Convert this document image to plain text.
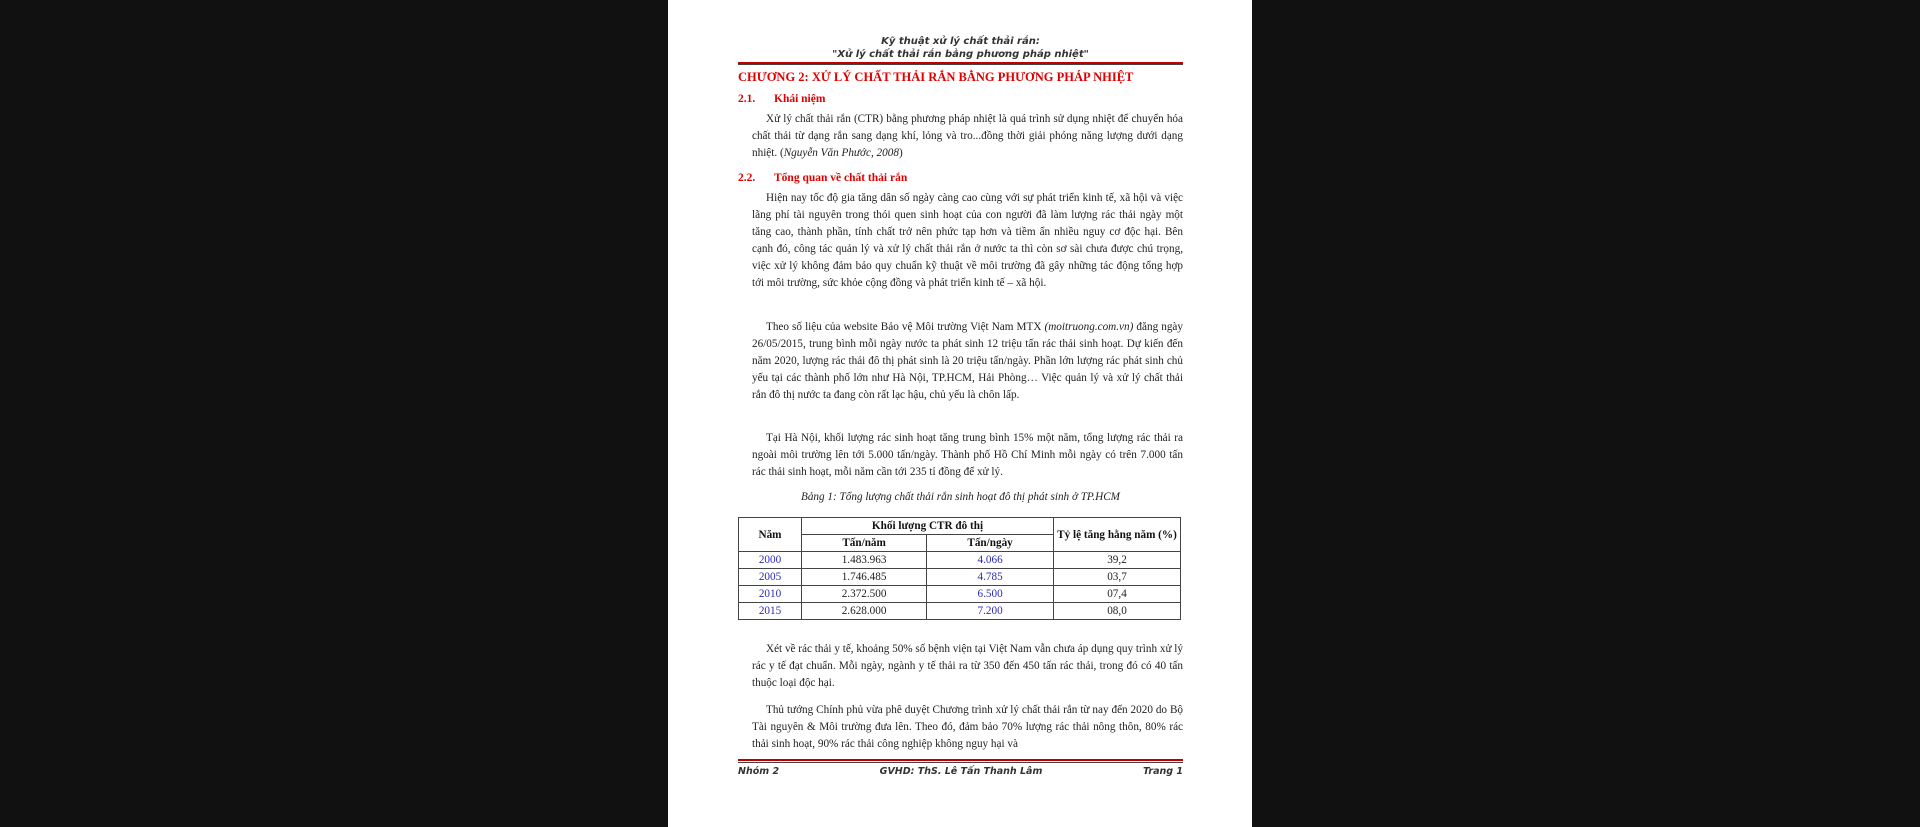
Kỹ thuật xử lý chất thải rắn:
"Xử lý chất thải rắn bằng phương pháp nhiệt"
CHƯƠNG 2: XỬ LÝ CHẤT THẢI RẮN BẰNG PHƯƠNG PHÁP NHIỆT
2.1.	Khái niệm
Xử lý chất thải rắn (CTR) bằng phương pháp nhiệt là quá trình sử dụng nhiệt để chuyển hóa chất thải từ dạng rắn sang dạng khí, lỏng và tro...đồng thời giải phóng năng lượng dưới dạng nhiệt. (Nguyễn Văn Phước, 2008)
2.2.	Tổng quan về chất thải rắn
Hiện nay tốc độ gia tăng dân số ngày càng cao cùng với sự phát triển kinh tế, xã hội và việc lãng phí tài nguyên trong thói quen sinh hoạt của con người đã làm lượng rác thải ngày một tăng cao, thành phần, tính chất trở nên phức tạp hơn và tiềm ẩn nhiều nguy cơ độc hại. Bên cạnh đó, công tác quản lý và xử lý chất thải rắn ở nước ta thì còn sơ sài chưa được chú trọng, việc xử lý không đảm bảo quy chuẩn kỹ thuật về môi trường đã gây những tác động tổng hợp tới môi trường, sức khỏe cộng đồng và phát triển kinh tế – xã hội.
Theo số liệu của website Bảo vệ Môi trường Việt Nam MTX (moitruong.com.vn) đăng ngày 26/05/2015, trung bình mỗi ngày nước ta phát sinh 12 triệu tấn rác thải sinh hoạt. Dự kiến đến năm 2020, lượng rác thải đô thị phát sinh là 20 triệu tấn/ngày. Phần lớn lượng rác phát sinh chủ yếu tại các thành phố lớn như Hà Nội, TP.HCM, Hải Phòng… Việc quản lý và xử lý chất thải rắn đô thị nước ta đang còn rất lạc hậu, chủ yếu là chôn lấp.
Tại Hà Nội, khối lượng rác sinh hoạt tăng trung bình 15% một năm, tổng lượng rác thải ra ngoài môi trường lên tới 5.000 tấn/ngày. Thành phố Hồ Chí Minh mỗi ngày có trên 7.000 tấn rác thải sinh hoạt, mỗi năm cần tới 235 tỉ đồng để xử lý.
Bảng 1: Tổng lượng chất thải rắn sinh hoạt đô thị phát sinh ở TP.HCM
Năm	Khối lượng CTR đô thị		Tỷ lệ tăng hằng năm (%)
	Tấn/năm	Tấn/ngày	
2000	1.483.963	4.066	39,2
2005	1.746.485	4.785	03,7
2010	2.372.500	6.500	07,4
2015	2.628.000	7.200	08,0
Xét về rác thải y tế, khoảng 50% số bệnh viện tại Việt Nam vẫn chưa áp dụng quy trình xử lý rác y tế đạt chuẩn. Mỗi ngày, ngành y tế thải ra từ 350 đến 450 tấn rác thải, trong đó có 40 tấn thuộc loại độc hại.
Thủ tướng Chính phủ vừa phê duyệt Chương trình xử lý chất thải rắn từ nay đến 2020 do Bộ Tài nguyên & Môi trường đưa lên. Theo đó, đảm bảo 70% lượng rác thải nông thôn, 80% rác thải sinh hoạt, 90% rác thải công nghiệp không nguy hại và
Nhóm 2	GVHD: ThS. Lê Tấn Thanh Lâm	Trang 1
